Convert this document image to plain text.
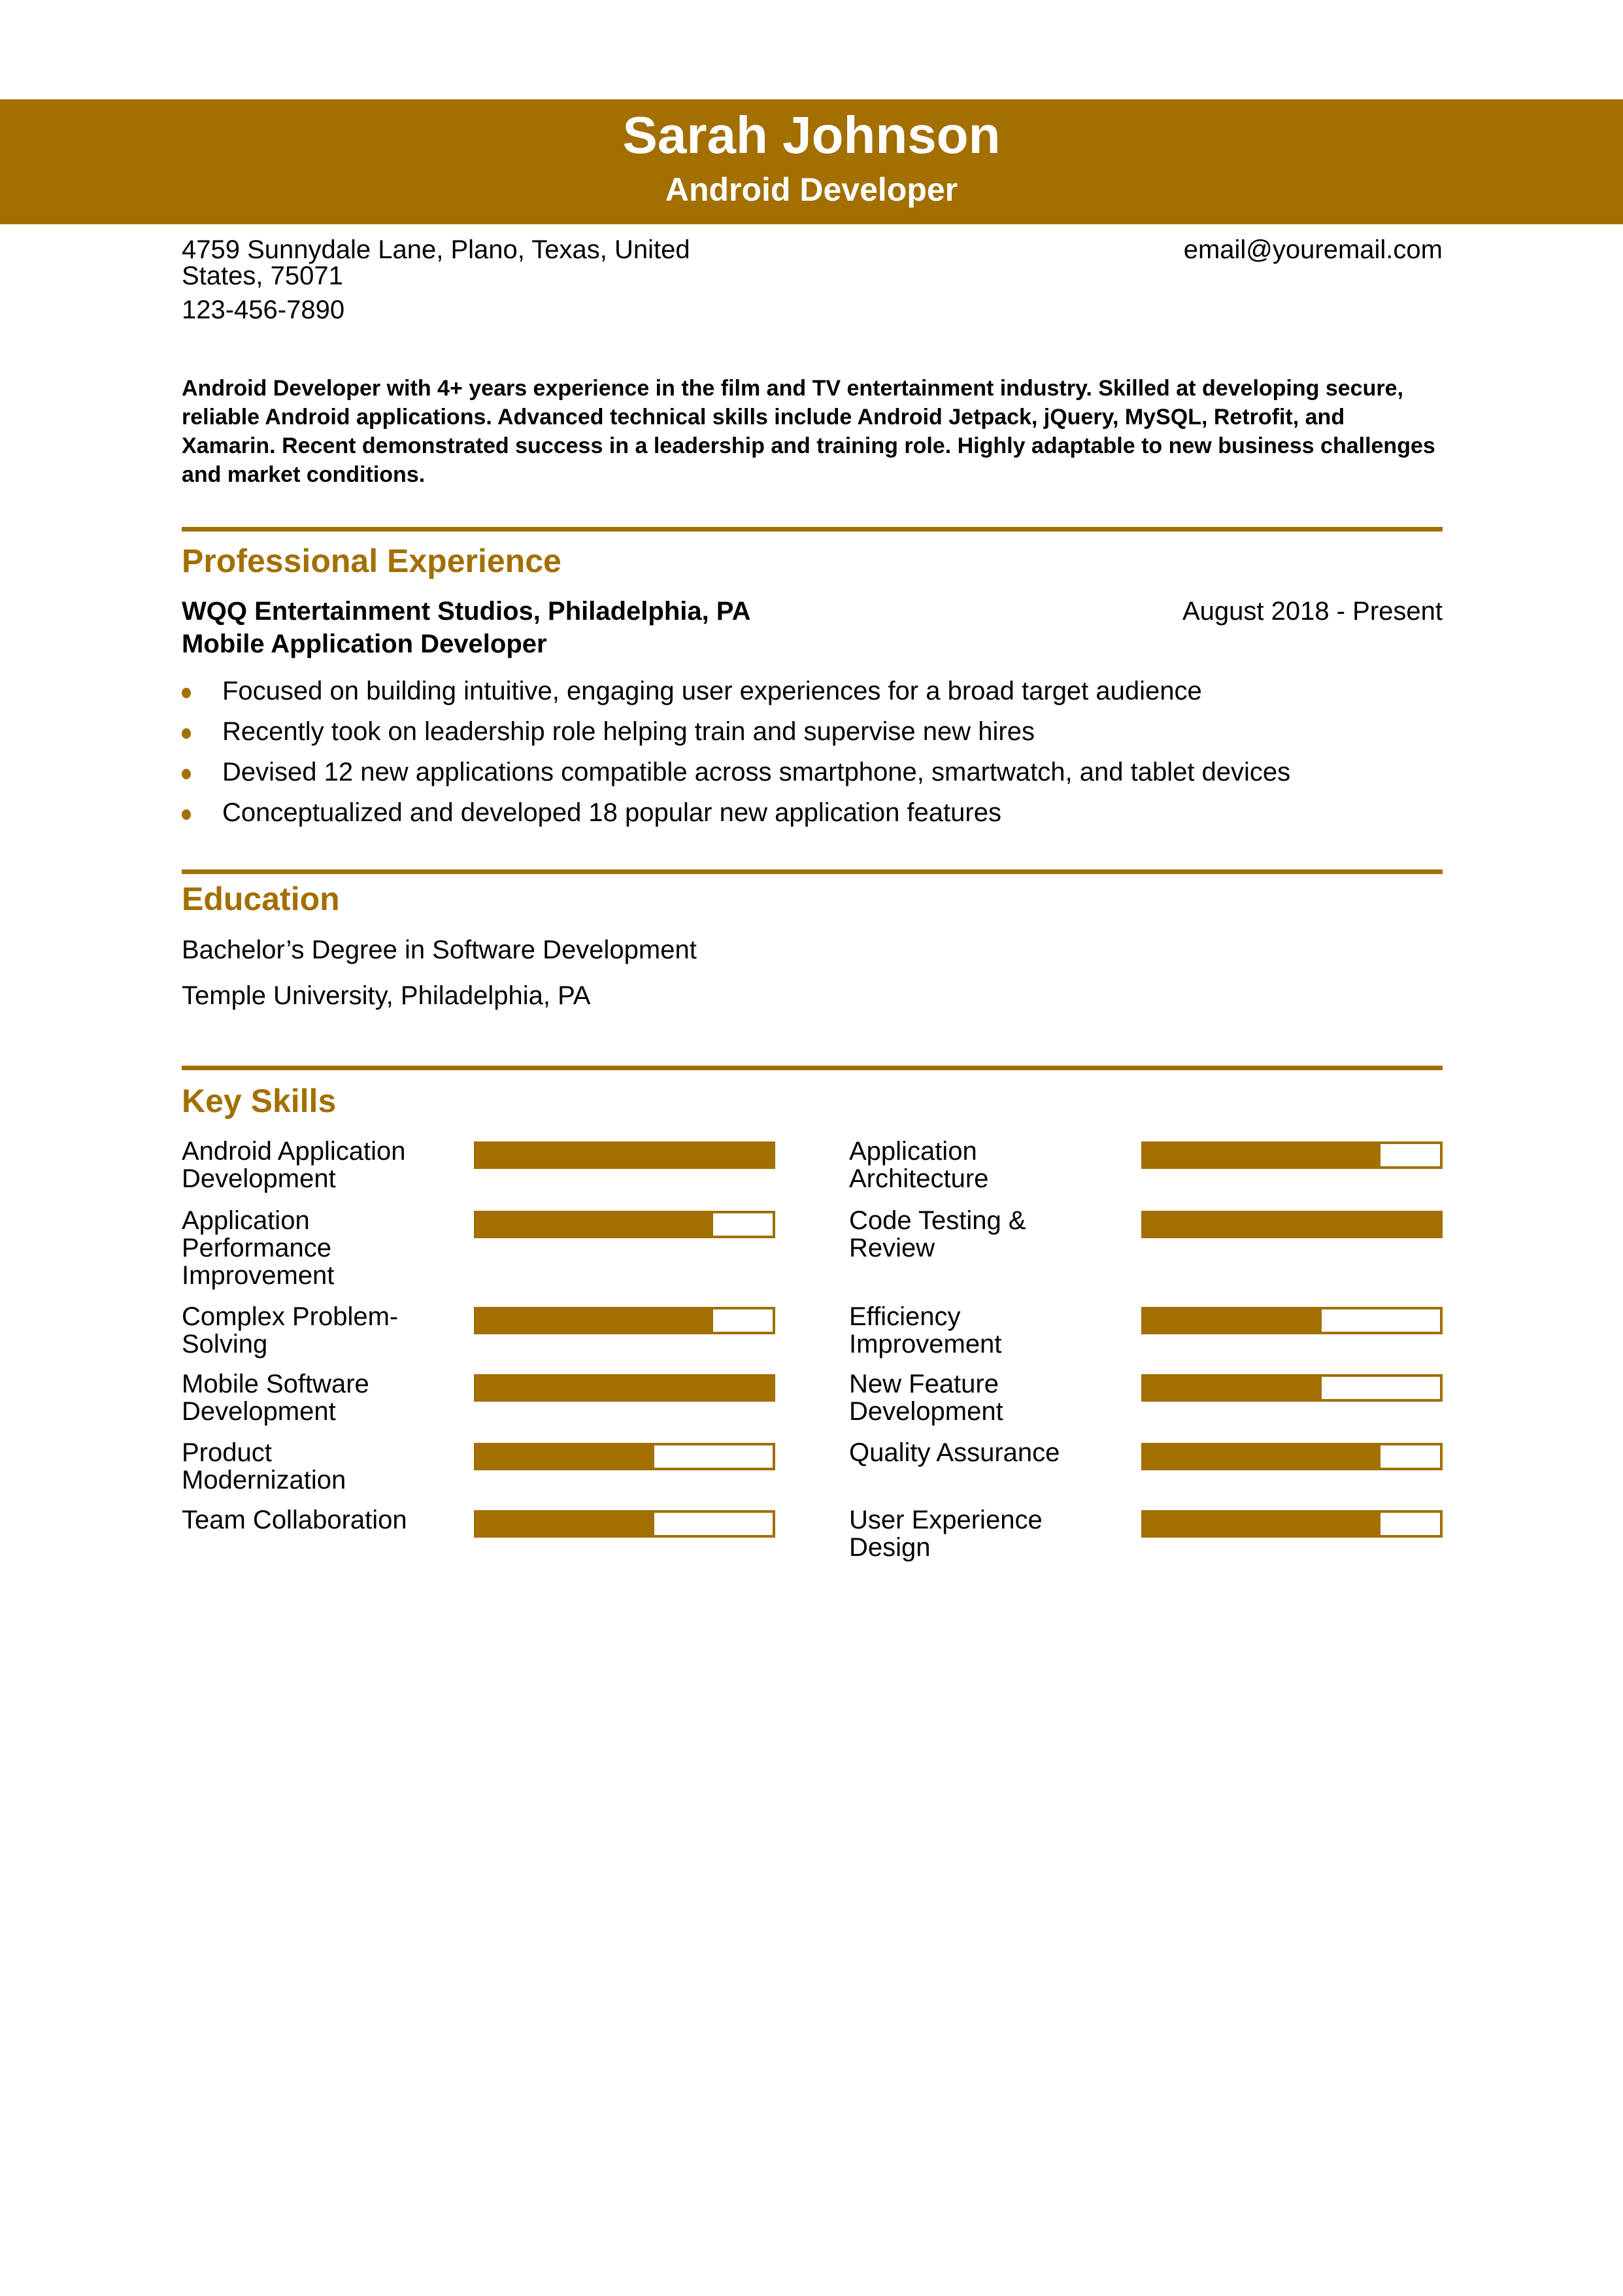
Sarah Johnson
Android Developer
4759 Sunnydale Lane, Plano, Texas, United States, 75071
123-456-7890
email@youremail.com
Android Developer with 4+ years experience in the film and TV entertainment industry. Skilled at developing secure, reliable Android applications. Advanced technical skills include Android Jetpack, jQuery, MySQL, Retrofit, and Xamarin. Recent demonstrated success in a leadership and training role. Highly adaptable to new business challenges and market conditions.
Professional Experience
WQQ Entertainment Studios, Philadelphia, PA	August 2018 - Present
Mobile Application Developer
Focused on building intuitive, engaging user experiences for a broad target audience
Recently took on leadership role helping train and supervise new hires
Devised 12 new applications compatible across smartphone, smartwatch, and tablet devices
Conceptualized and developed 18 popular new application features
Education
Bachelor’s Degree in Software Development
Temple University, Philadelphia, PA
Key Skills
Android Application Development
Application Performance Improvement
Complex Problem-Solving
Mobile Software Development
Product Modernization
Team Collaboration
Application Architecture
Code Testing & Review
Efficiency Improvement
New Feature Development
Quality Assurance
User Experience Design
